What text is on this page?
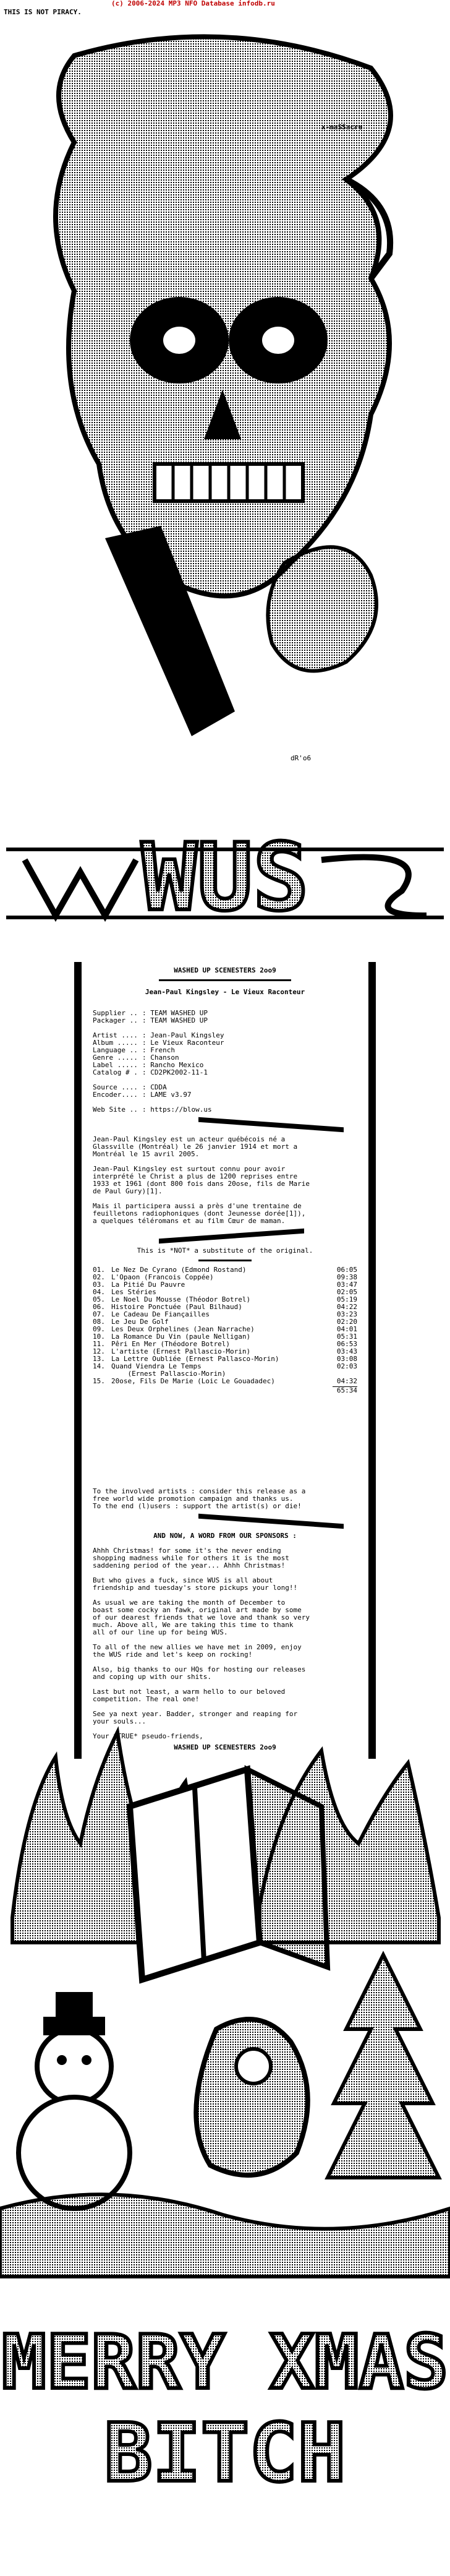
(c) 2006-2024 MP3 NFO Database infodb.ru
THIS IS NOT PIRACY.
WUS
x-maSSacre
dR'o6
WASHED UP SCENESTERS 2oo9
Jean-Paul Kingsley - Le Vieux Raconteur
Supplier .. : TEAM WASHED UP
Packager .. : TEAM WASHED UP

Artist .... : Jean-Paul Kingsley
Album ..... : Le Vieux Raconteur
Language .. : French
Genre ..... : Chanson
Label ..... : Rancho Mexico
Catalog # . : CD2PK2002-11-1

Source .... : CDDA
Encoder.... : LAME v3.97

Web Site .. : https://blow.us
Jean-Paul Kingsley est un acteur québécois né a
Glassville (Montréal) le 26 janvier 1914 et mort a
Montréal le 15 avril 2005.
Jean-Paul Kingsley est surtout connu pour avoir
interprété le Christ a plus de 1200 reprises entre
1933 et 1961 (dont 800 fois dans 20ose, fils de Marie
de Paul Gury)[1].
Mais il participera aussi a près d'une trentaine de
feuilletons radiophoniques (dont Jeunesse dorée[1]),
a quelques téléromans et au film Cœur de maman.
This is *NOT* a substitute of the original.
01. Le Nez De Cyrano (Edmond Rostand)	06:05
02. L'Opaon (Francois Coppée)	09:38
03. La Pitié Du Pauvre	03:47
04. Les Stéries	02:05
05. Le Noel Du Mousse (Théodor Botrel)	05:19
06. Histoire Ponctuée (Paul Bilhaud)	04:22
07. Le Cadeau De Fiançailles	03:23
08. Le Jeu De Golf	02:20
09. Les Deux Orphelines (Jean Narrache)	04:01
10. La Romance Du Vin (paule Nelligan)	05:31
11. Pêri En Mer (Théodore Botrel)	06:53
12. L'artiste (Ernest Pallascio-Morin)	03:43
13. La Lettre Oubliée (Ernest Pallasco-Morin)	03:08
14. Quand Viendra Le Temps	02:03
(Ernest Pallascio-Morin)
15. 20ose, Fils De Marie (Loic Le Gouadadec)	04:32
65:34
To the involved artists : consider this release as a
free world wide promotion campaign and thanks us.
To the end (l)users : support the artist(s) or die!
AND NOW, A WORD FROM OUR SPONSORS :
Ahhh Christmas! for some it's the never ending
shopping madness while for others it is the most
saddening period of the year... Ahhh Christmas!
But who gives a fuck, since WUS is all about
friendship and tuesday's store pickups your long!!
As usual we are taking the month of December to
boast some cocky an fawk, original art made by some
of our dearest friends that we love and thank so very
much. Above all, We are taking this time to thank
all of our line up for being WUS.
To all of the new allies we have met in 2009, enjoy
the WUS ride and let's keep on rocking!
Also, big thanks to our HQs for hosting our releases
and coping up with our shits.
Last but not least, a warm hello to our beloved
competition. The real one!
See ya next year. Badder, stronger and reaping for
your souls...
Your *TRUE* pseudo-friends,
WASHED UP SCENESTERS 2oo9
MERRY XMAS
BITCH
